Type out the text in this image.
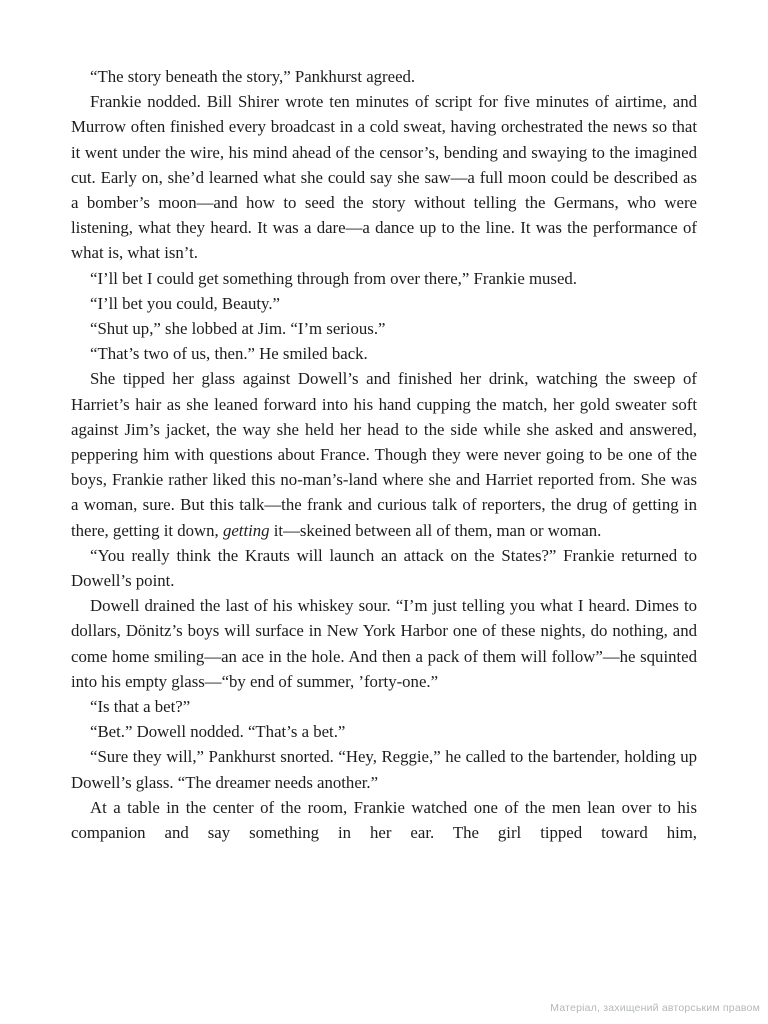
“The story beneath the story,” Pankhurst agreed.

Frankie nodded. Bill Shirer wrote ten minutes of script for five minutes of airtime, and Murrow often finished every broadcast in a cold sweat, having orchestrated the news so that it went under the wire, his mind ahead of the censor’s, bending and swaying to the imagined cut. Early on, she’d learned what she could say she saw—a full moon could be described as a bomber’s moon—and how to seed the story without telling the Germans, who were listening, what they heard. It was a dare—a dance up to the line. It was the performance of what is, what isn’t.

“I’ll bet I could get something through from over there,” Frankie mused.

“I’ll bet you could, Beauty.”

“Shut up,” she lobbed at Jim. “I’m serious.”

“That’s two of us, then.” He smiled back.

She tipped her glass against Dowell’s and finished her drink, watching the sweep of Harriet’s hair as she leaned forward into his hand cupping the match, her gold sweater soft against Jim’s jacket, the way she held her head to the side while she asked and answered, peppering him with questions about France. Though they were never going to be one of the boys, Frankie rather liked this no-man’s-land where she and Harriet reported from. She was a woman, sure. But this talk—the frank and curious talk of reporters, the drug of getting in there, getting it down, getting it—skeined between all of them, man or woman.

“You really think the Krauts will launch an attack on the States?” Frankie returned to Dowell’s point.

Dowell drained the last of his whiskey sour. “I’m just telling you what I heard. Dimes to dollars, Dönitz’s boys will surface in New York Harbor one of these nights, do nothing, and come home smiling—an ace in the hole. And then a pack of them will follow”—he squinted into his empty glass—“by end of summer, ’forty-one.”

“Is that a bet?”

“Bet.” Dowell nodded. “That’s a bet.”

“Sure they will,” Pankhurst snorted. “Hey, Reggie,” he called to the bartender, holding up Dowell’s glass. “The dreamer needs another.”

At a table in the center of the room, Frankie watched one of the men lean over to his companion and say something in her ear. The girl tipped toward him,

Матеріал, захищений авторським правом
